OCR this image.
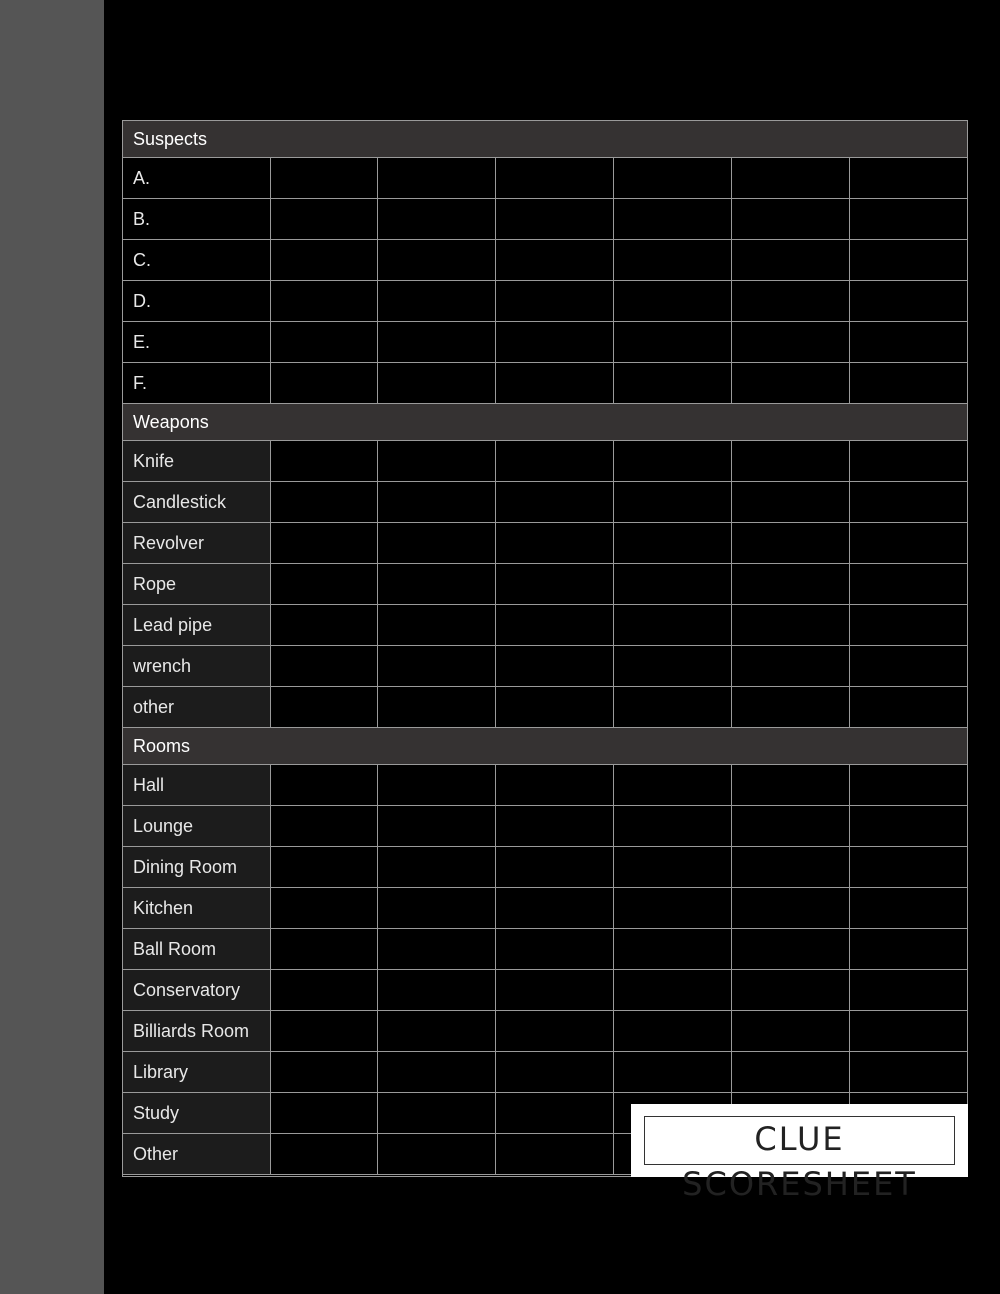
Suspects
A.
B.
C.
D.
E.
F.
Weapons
Knife
Candlestick
Revolver
Rope
Lead pipe
wrench
other
Rooms
Hall
Lounge
Dining Room
Kitchen
Ball Room
Conservatory
Billiards Room
Library
Study
Other	CLUE SCORESHEET
